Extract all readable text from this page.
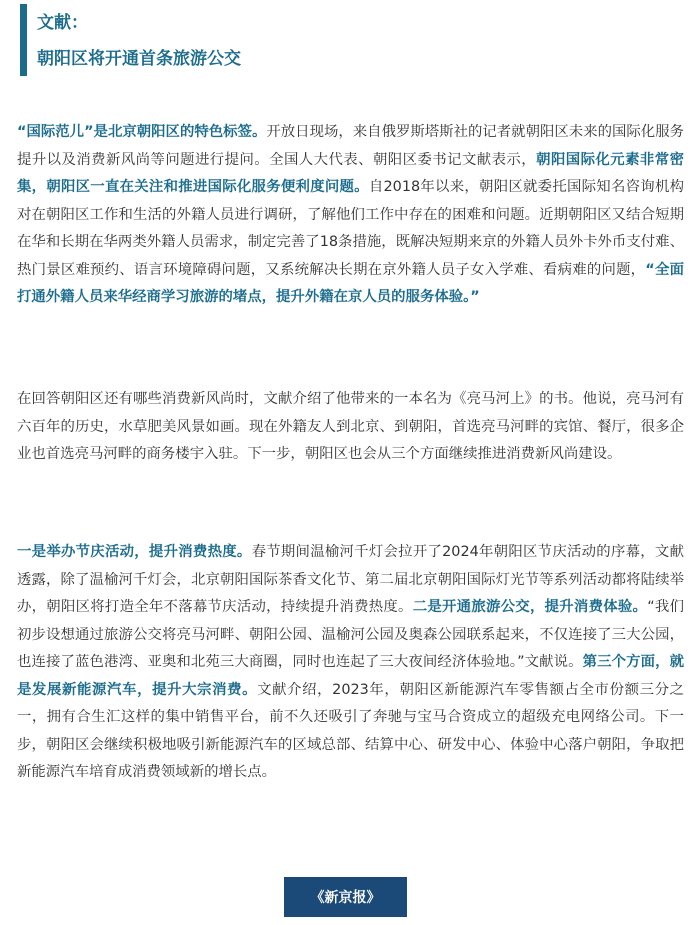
文献：
朝阳区将开通首条旅游公交

“国际范儿”是北京朝阳区的特色标签。开放日现场，来自俄罗斯塔斯社的记者就朝阳区未来的国际化服务提升以及消费新风尚等问题进行提问。全国人大代表、朝阳区委书记文献表示，朝阳国际化元素非常密集，朝阳区一直在关注和推进国际化服务便利度问题。自2018年以来，朝阳区就委托国际知名咨询机构对在朝阳区工作和生活的外籍人员进行调研，了解他们工作中存在的困难和问题。近期朝阳区又结合短期在华和长期在华两类外籍人员需求，制定完善了18条措施，既解决短期来京的外籍人员外卡外币支付难、热门景区难预约、语言环境障碍问题，又系统解决长期在京外籍人员子女入学难、看病难的问题，“全面打通外籍人员来华经商学习旅游的堵点，提升外籍在京人员的服务体验。”

在回答朝阳区还有哪些消费新风尚时，文献介绍了他带来的一本名为《亮马河上》的书。他说，亮马河有六百年的历史，水草肥美风景如画。现在外籍友人到北京、到朝阳，首选亮马河畔的宾馆、餐厅，很多企业也首选亮马河畔的商务楼宇入驻。下一步，朝阳区也会从三个方面继续推进消费新风尚建设。

一是举办节庆活动，提升消费热度。春节期间温榆河千灯会拉开了2024年朝阳区节庆活动的序幕，文献透露，除了温榆河千灯会，北京朝阳国际茶香文化节、第二届北京朝阳国际灯光节等系列活动都将陆续举办，朝阳区将打造全年不落幕节庆活动，持续提升消费热度。二是开通旅游公交，提升消费体验。“我们初步设想通过旅游公交将亮马河畔、朝阳公园、温榆河公园及奥森公园联系起来，不仅连接了三大公园，也连接了蓝色港湾、亚奥和北苑三大商圈，同时也连起了三大夜间经济体验地。”文献说。第三个方面，就是发展新能源汽车，提升大宗消费。文献介绍，2023年，朝阳区新能源汽车零售额占全市份额三分之一，拥有合生汇这样的集中销售平台，前不久还吸引了奔驰与宝马合资成立的超级充电网络公司。下一步，朝阳区会继续积极地吸引新能源汽车的区域总部、结算中心、研发中心、体验中心落户朝阳，争取把新能源汽车培育成消费领域新的增长点。

《新京报》
